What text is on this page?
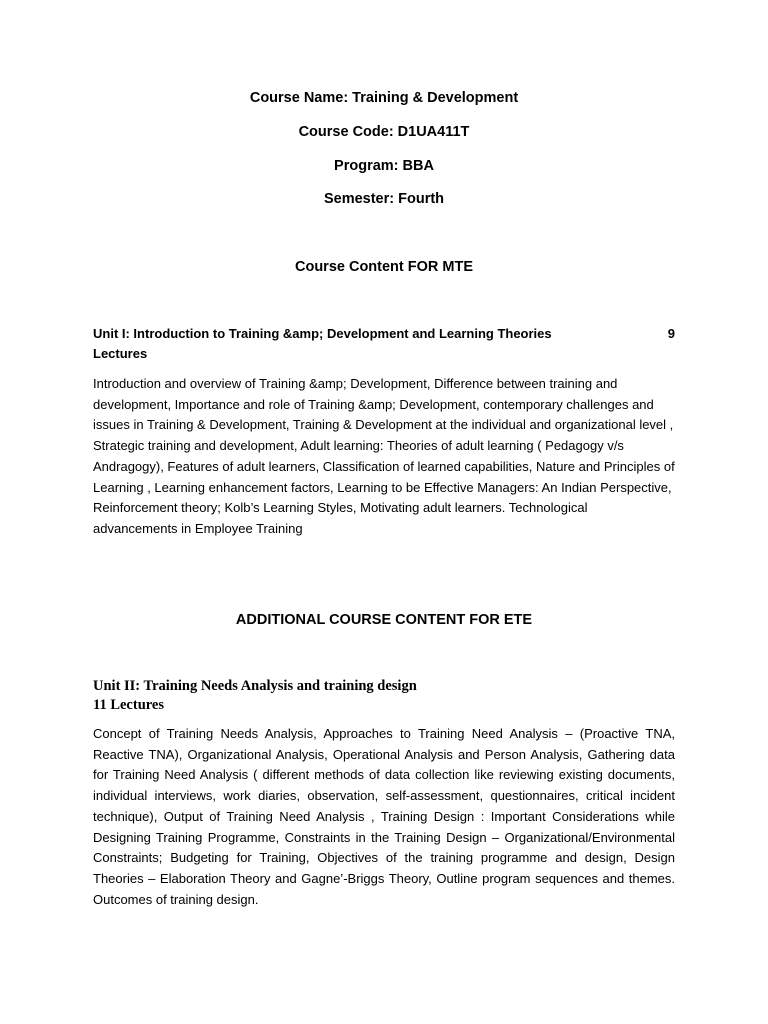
Course Name: Training & Development
Course Code: D1UA411T
Program: BBA
Semester: Fourth
Course Content FOR MTE
Unit I: Introduction to Training &amp; Development and Learning Theories	9
Lectures
Introduction and overview of Training &amp; Development, Difference between training and development, Importance and role of Training &amp; Development, contemporary challenges and issues in Training & Development, Training & Development at the individual and organizational level , Strategic training and development, Adult learning: Theories of adult learning ( Pedagogy v/s Andragogy), Features of adult learners, Classification of learned capabilities, Nature and Principles of Learning , Learning enhancement factors, Learning to be Effective Managers: An Indian Perspective, Reinforcement theory; Kolb’s Learning Styles, Motivating adult learners. Technological advancements in Employee Training
ADDITIONAL COURSE CONTENT FOR ETE
Unit II: Training Needs Analysis and training design
11 Lectures
Concept of Training Needs Analysis, Approaches to Training Need Analysis – (Proactive TNA, Reactive TNA), Organizational Analysis, Operational Analysis and Person Analysis, Gathering data for Training Need Analysis ( different methods of data collection like reviewing existing documents, individual interviews, work diaries, observation, self-assessment, questionnaires, critical incident technique), Output of Training Need Analysis , Training Design : Important Considerations while Designing Training Programme, Constraints in the Training Design – Organizational/Environmental Constraints; Budgeting for Training, Objectives of the training programme and design, Design Theories – Elaboration Theory and Gagne’-Briggs Theory, Outline program sequences and themes. Outcomes of training design.
